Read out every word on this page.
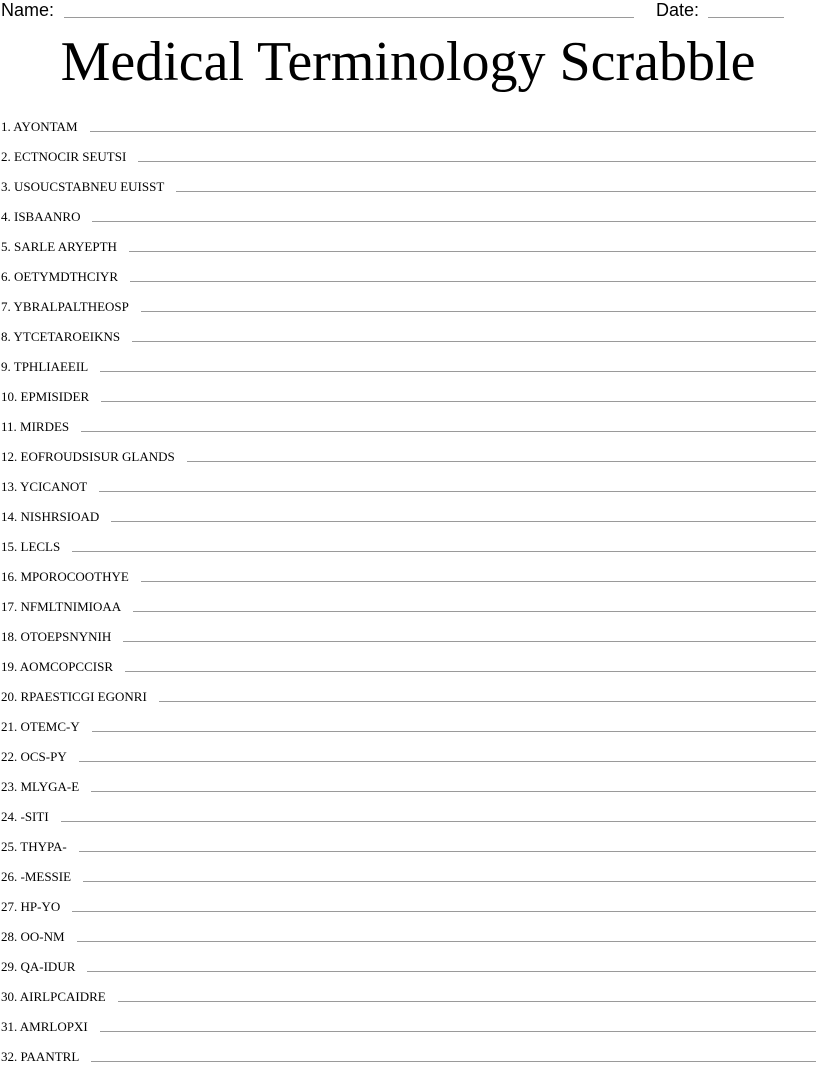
Name:	Date:
Medical Terminology Scrabble
1. AYONTAM
2. ECTNOCIR SEUTSI
3. USOUCSTABNEU EUISST
4. ISBAANRO
5. SARLE ARYEPTH
6. OETYMDTHCIYR
7. YBRALPALTHEOSP
8. YTCETAROEIKNS
9. TPHLIAEEIL
10. EPMISIDER
11. MIRDES
12. EOFROUDSISUR GLANDS
13. YCICANOT
14. NISHRSIOAD
15. LECLS
16. MPOROCOOTHYE
17. NFMLTNIMIOAA
18. OTOEPSNYNIH
19. AOMCOPCCISR
20. RPAESTICGI EGONRI
21. OTEMC-Y
22. OCS-PY
23. MLYGA-E
24. -SITI
25. THYPA-
26. -MESSIE
27. HP-YO
28. OO-NM
29. QA-IDUR
30. AIRLPCAIDRE
31. AMRLOPXI
32. PAANTRL
